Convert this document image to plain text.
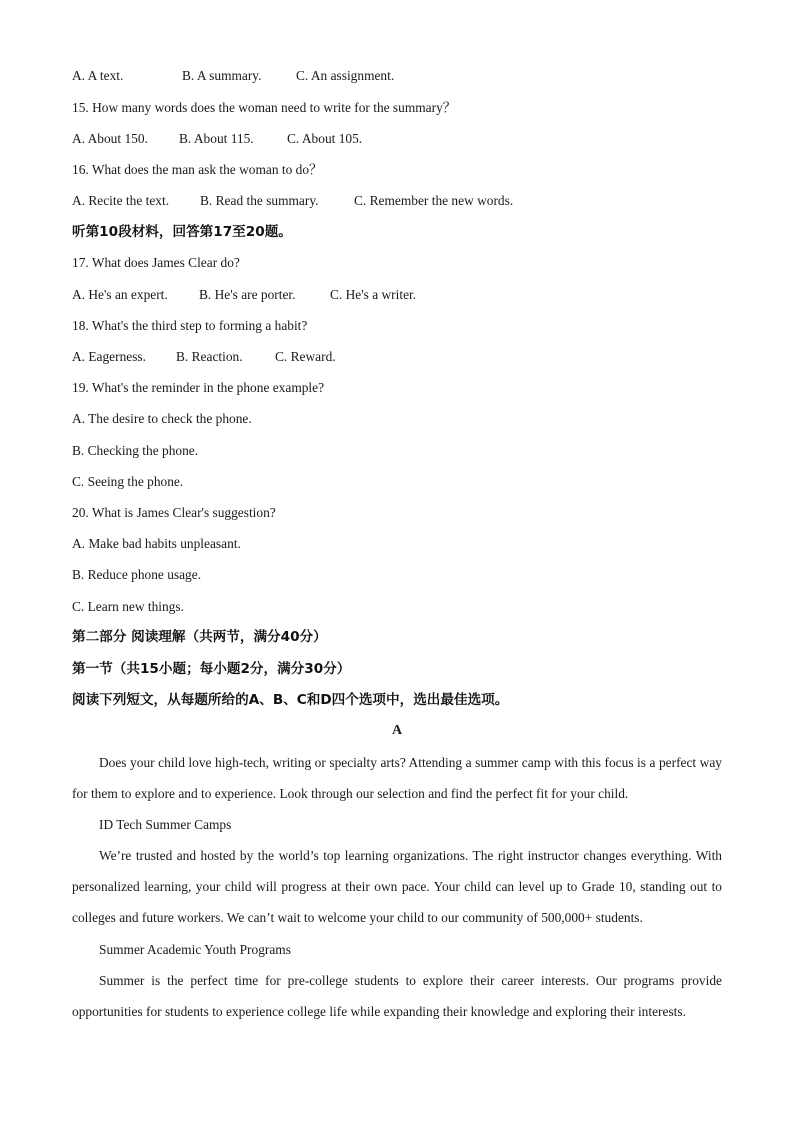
A. A text.	B. A summary.	C. An assignment.
15. How many words does the woman need to write for the summary？
A. About 150. B. About 115. C. About 105.
16. What does the man ask the woman to do？
A. Recite the text. B. Read the summary.	C. Remember the new words.
听第10段材料，回答第17至20题。
17. What does James Clear do?
A. He's an expert. B. He's are porter.	C. He's a writer.
18. What's the third step to forming a habit?
A. Eagerness. B. Reaction. C. Reward.
19. What's the reminder in the phone example?
A. The desire to check the phone.
B. Checking the phone.
C. Seeing the phone.
20. What is James Clear's suggestion?
A. Make bad habits unpleasant.
B. Reduce phone usage.
C. Learn new things.
第二部分 阅读理解（共两节，满分40分）
第一节（共15小题；每小题2分，满分30分）
阅读下列短文，从每题所给的A、B、C和D四个选项中，选出最佳选项。
A
Does your child love high-tech, writing or specialty arts? Attending a summer camp with this focus is a perfect way for them to explore and to experience. Look through our selection and find the perfect fit for your child.
ID Tech Summer Camps
We’re trusted and hosted by the world’s top learning organizations. The right instructor changes everything. With personalized learning, your child will progress at their own pace. Your child can level up to Grade 10, standing out to colleges and future workers. We can’t wait to welcome your child to our community of 500,000+ students.
Summer Academic Youth Programs
Summer is the perfect time for pre-college students to explore their career interests. Our programs provide opportunities for students to experience college life while expanding their knowledge and exploring their interests.
